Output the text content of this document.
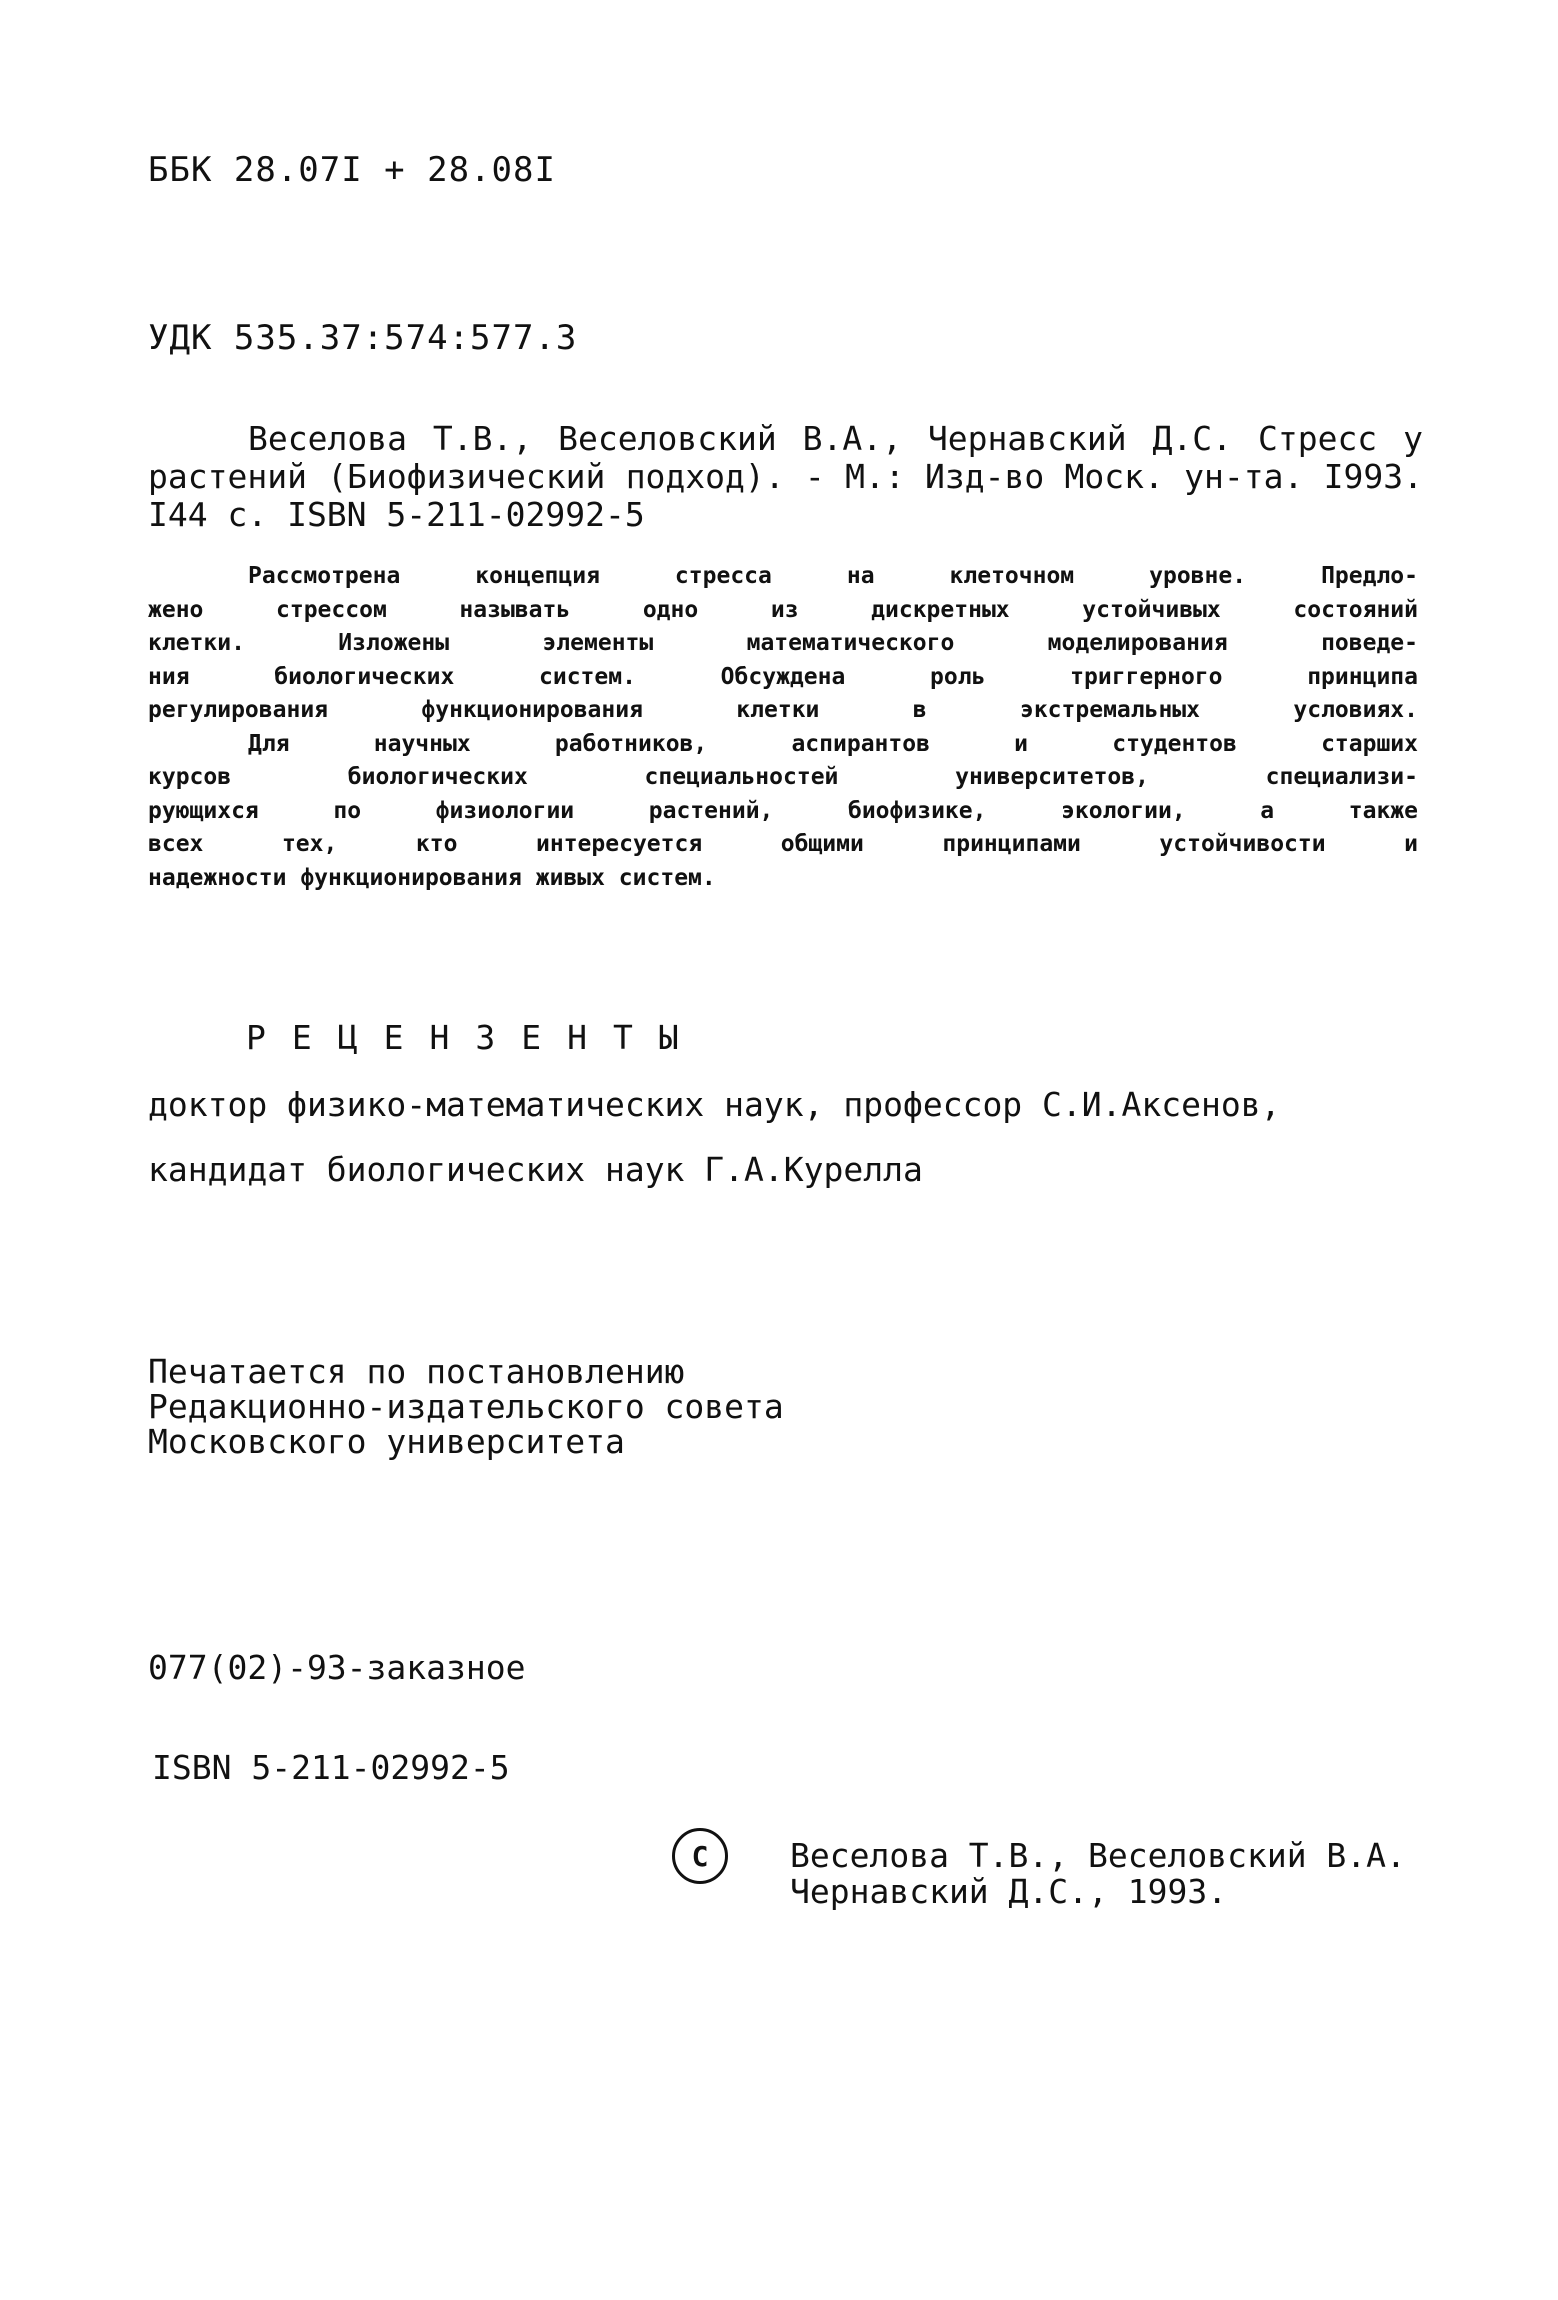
ББК 28.07I + 28.08I
УДК 535.37:574:577.3

Веселова Т.В., Веселовский В.А., Чернавский Д.С. Стресс у

растений (Биофизический подход). - М.: Изд-во Моск. ун-та. I993.

I44 с. ISBN 5-211-02992-5

Рассмотрена концепция стресса на клеточном уровне. Предло-

жено стрессом называть одно из дискретных устойчивых состояний

клетки. Изложены элементы математического моделирования поведе-

ния биологических систем. Обсуждена роль триггерного принципа

регулирования функционирования клетки в экстремальных условиях.

Для научных работников, аспирантов и студентов старших

курсов биологических специальностей университетов, специализи-

рующихся по физиологии растений, биофизике, экологии, а также

всех тех, кто интересуется общими принципами устойчивости и

надежности функционирования живых систем.

РЕЦЕНЗЕНТЫ
доктор физико-математических наук, профессор С.И.Аксенов,
кандидат биологических наук Г.А.Курелла
Печатается по постановлению
Редакционно-издательского совета
Московского университета
077(02)-93-заказное
ISBN 5-211-02992-5
C Веселова Т.В., Веселовский В.А.
Чернавский Д.С., 1993.
